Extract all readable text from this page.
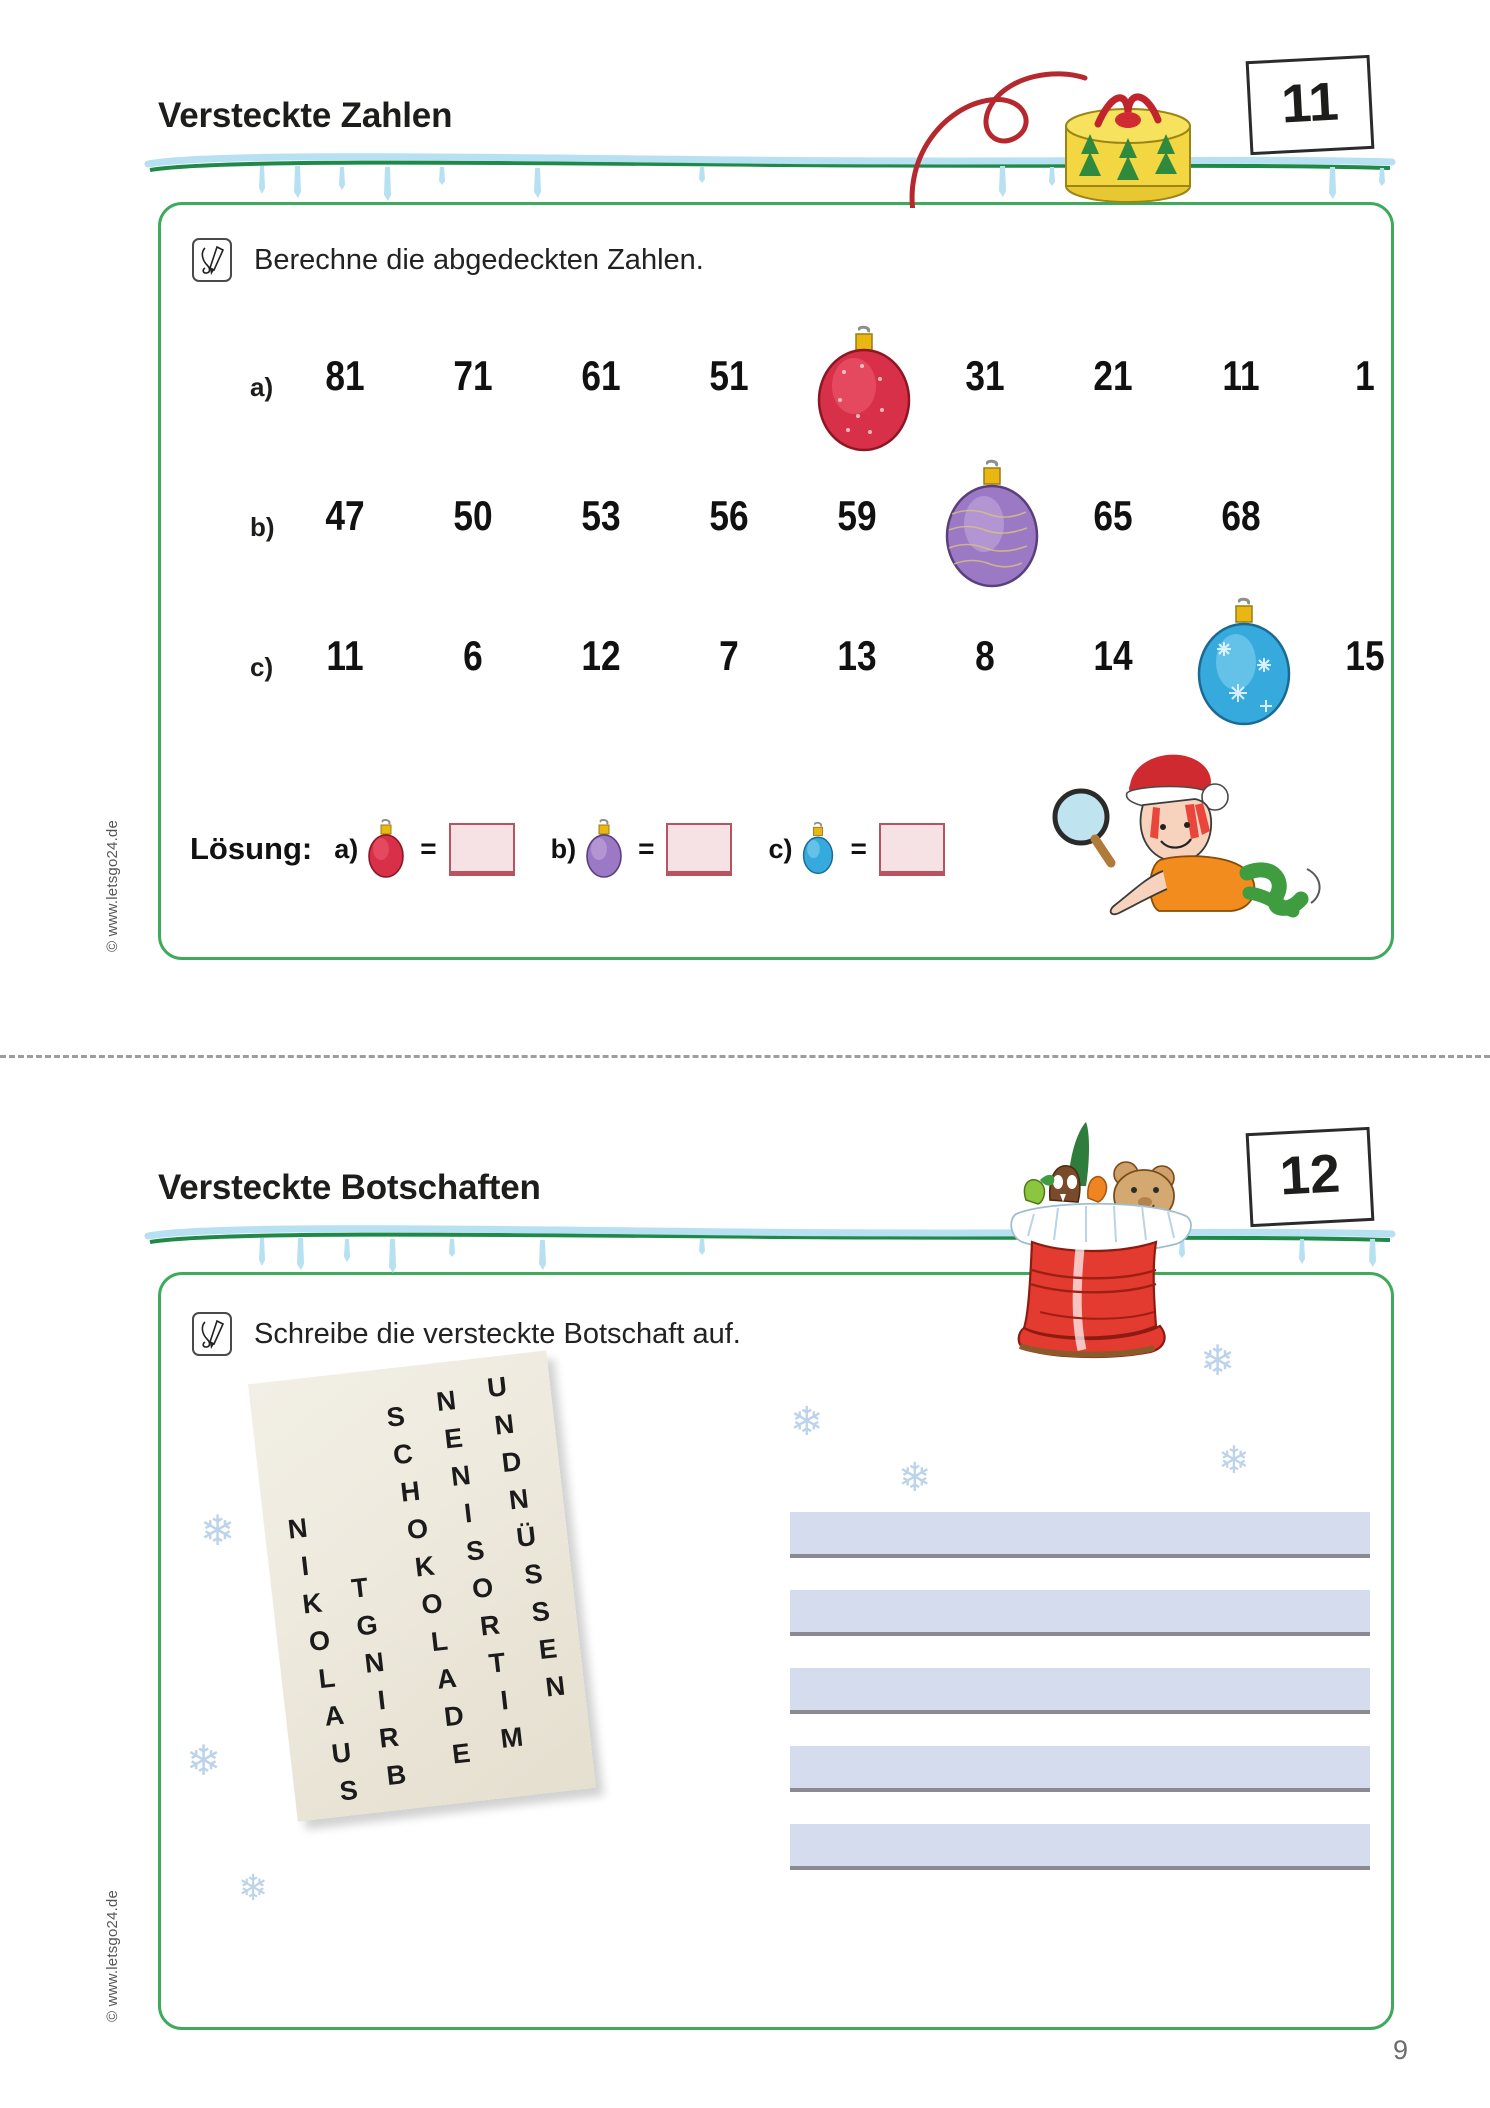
Versteckte Zahlen	11
Berechne die abgedeckten Zahlen.
a)	81	71	61	51	31	21	11	1
b)	47	50	53	56	59	65	68
c)	11	6	12	7	13	8	14	15
Lösung: a) =	b) =	c) =
© www.letsgo24.de
Versteckte Botschaften	12
Schreibe die versteckte Botschaft auf.
❄
❄
❄
❄
❄
❄
❄
N
I
K
O
L
A
U
S
T
G
N
I
R
B
S
C
H
O
K
O
L
A
D
E
N
E
N
I
S
O
R
T
I
M
U
N
D
N
Ü
S
S
E
N
© www.letsgo24.de
9
